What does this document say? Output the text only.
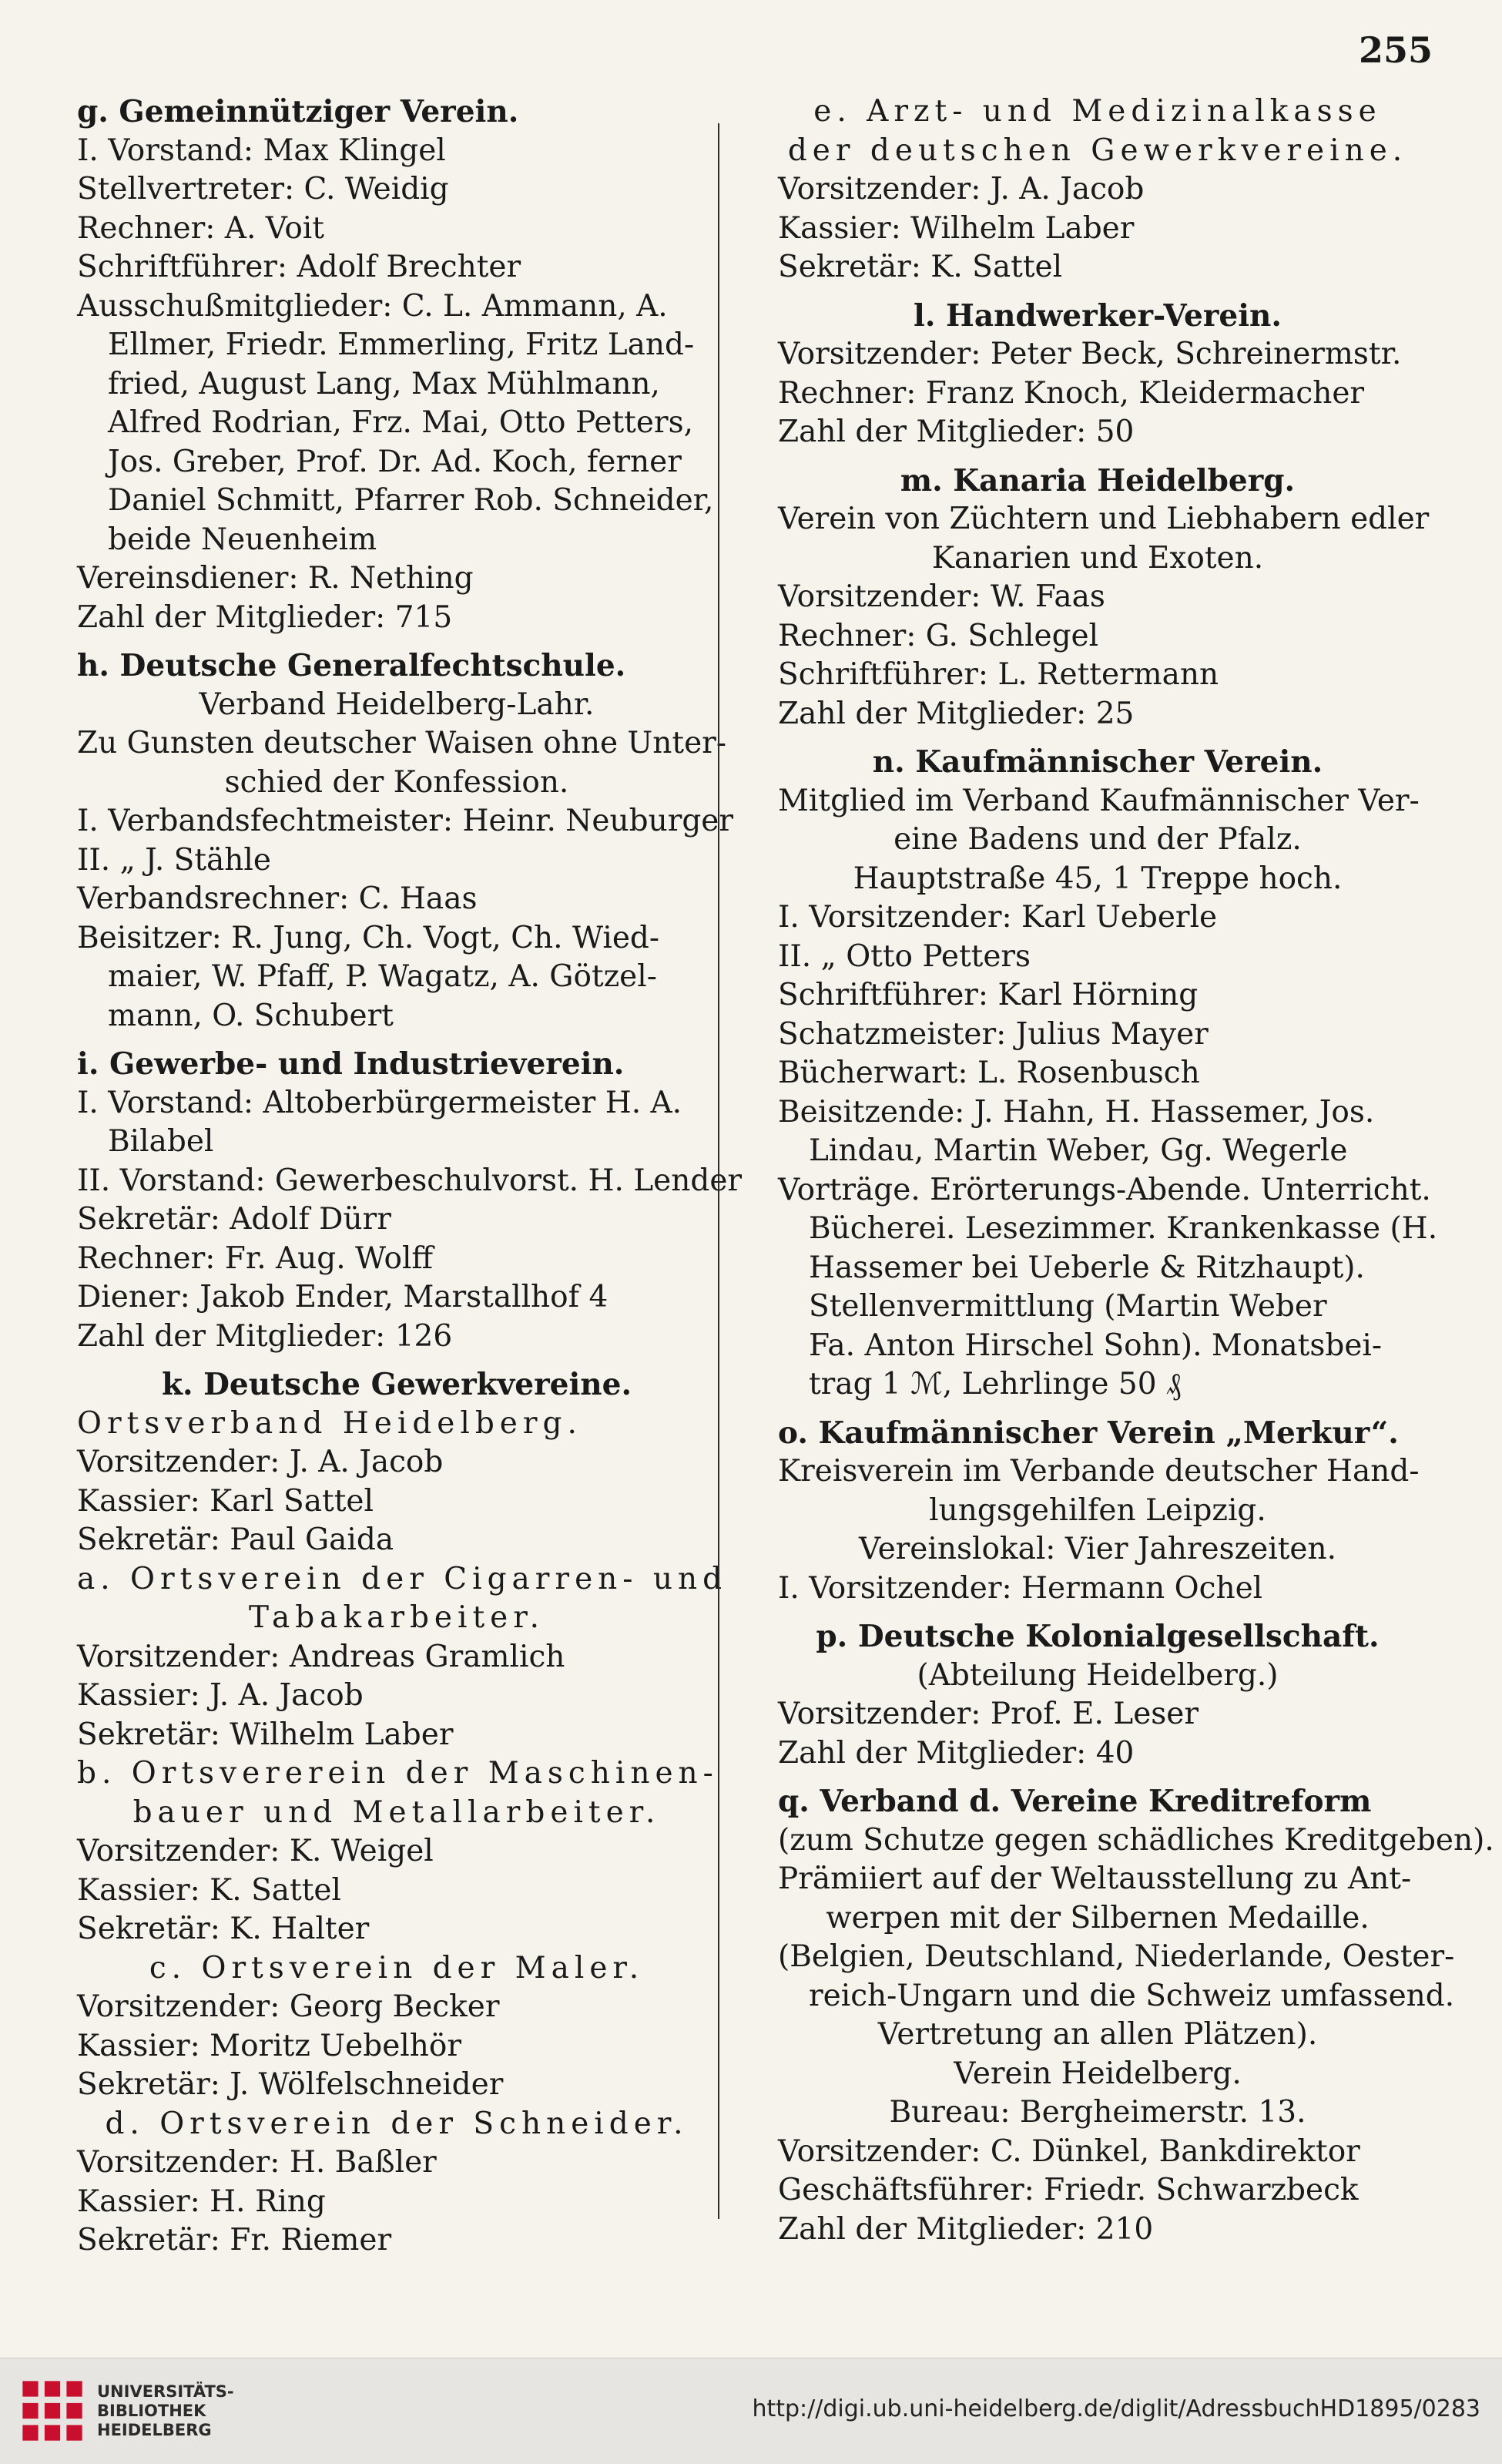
255
g. Gemeinnütziger Verein.
I. Vorstand: Max Klingel
Stellvertreter: C. Weidig
Rechner: A. Voit
Schriftführer: Adolf Brechter
Ausschußmitglieder: C. L. Ammann, A.
Ellmer, Friedr. Emmerling, Fritz Land-
fried, August Lang, Max Mühlmann,
Alfred Rodrian, Frz. Mai, Otto Petters,
Jos. Greber, Prof. Dr. Ad. Koch, ferner
Daniel Schmitt, Pfarrer Rob. Schneider,
beide Neuenheim
Vereinsdiener: R. Nething
Zahl der Mitglieder: 715
h. Deutsche Generalfechtschule.
Verband Heidelberg-Lahr.
Zu Gunsten deutscher Waisen ohne Unter-
schied der Konfession.
I. Verbandsfechtmeister: Heinr. Neuburger
II. „ J. Stähle
Verbandsrechner: C. Haas
Beisitzer: R. Jung, Ch. Vogt, Ch. Wied-
maier, W. Pfaff, P. Wagatz, A. Götzel-
mann, O. Schubert
i. Gewerbe- und Industrieverein.
I. Vorstand: Altoberbürgermeister H. A.
Bilabel
II. Vorstand: Gewerbeschulvorst. H. Lender
Sekretär: Adolf Dürr
Rechner: Fr. Aug. Wolff
Diener: Jakob Ender, Marstallhof 4
Zahl der Mitglieder: 126
k. Deutsche Gewerkvereine.
Ortsverband Heidelberg.
Vorsitzender: J. A. Jacob
Kassier: Karl Sattel
Sekretär: Paul Gaida
a. Ortsverein der Cigarren- und
Tabakarbeiter.
Vorsitzender: Andreas Gramlich
Kassier: J. A. Jacob
Sekretär: Wilhelm Laber
b. Ortsvererein der Maschinen-
bauer und Metallarbeiter.
Vorsitzender: K. Weigel
Kassier: K. Sattel
Sekretär: K. Halter
c. Ortsverein der Maler.
Vorsitzender: Georg Becker
Kassier: Moritz Uebelhör
Sekretär: J. Wölfelschneider
d. Ortsverein der Schneider.
Vorsitzender: H. Baßler
Kassier: H. Ring
Sekretär: Fr. Riemer
e. Arzt- und Medizinalkasse
der deutschen Gewerkvereine.
Vorsitzender: J. A. Jacob
Kassier: Wilhelm Laber
Sekretär: K. Sattel
l. Handwerker-Verein.
Vorsitzender: Peter Beck, Schreinermstr.
Rechner: Franz Knoch, Kleidermacher
Zahl der Mitglieder: 50
m. Kanaria Heidelberg.
Verein von Züchtern und Liebhabern edler
Kanarien und Exoten.
Vorsitzender: W. Faas
Rechner: G. Schlegel
Schriftführer: L. Rettermann
Zahl der Mitglieder: 25
n. Kaufmännischer Verein.
Mitglied im Verband Kaufmännischer Ver-
eine Badens und der Pfalz.
Hauptstraße 45, 1 Treppe hoch.
I. Vorsitzender: Karl Ueberle
II. „ Otto Petters
Schriftführer: Karl Hörning
Schatzmeister: Julius Mayer
Bücherwart: L. Rosenbusch
Beisitzende: J. Hahn, H. Hassemer, Jos.
Lindau, Martin Weber, Gg. Wegerle
Vorträge. Erörterungs-Abende. Unterricht.
Bücherei. Lesezimmer. Krankenkasse (H.
Hassemer bei Ueberle & Ritzhaupt).
Stellenvermittlung (Martin Weber
Fa. Anton Hirschel Sohn). Monatsbei-
trag 1 ℳ, Lehrlinge 50 ₰
o. Kaufmännischer Verein „Merkur“.
Kreisverein im Verbande deutscher Hand-
lungsgehilfen Leipzig.
Vereinslokal: Vier Jahreszeiten.
I. Vorsitzender: Hermann Ochel
p. Deutsche Kolonialgesellschaft.
(Abteilung Heidelberg.)
Vorsitzender: Prof. E. Leser
Zahl der Mitglieder: 40
q. Verband d. Vereine Kreditreform
(zum Schutze gegen schädliches Kreditgeben).
Prämiiert auf der Weltausstellung zu Ant-
werpen mit der Silbernen Medaille.
(Belgien, Deutschland, Niederlande, Oester-
reich-Ungarn und die Schweiz umfassend.
Vertretung an allen Plätzen).
Verein Heidelberg.
Bureau: Bergheimerstr. 13.
Vorsitzender: C. Dünkel, Bankdirektor
Geschäftsführer: Friedr. Schwarzbeck
Zahl der Mitglieder: 210
UNIVERSITÄTS-
BIBLIOTHEK
HEIDELBERG
http://digi.ub.uni-heidelberg.de/diglit/AdressbuchHD1895/0283
